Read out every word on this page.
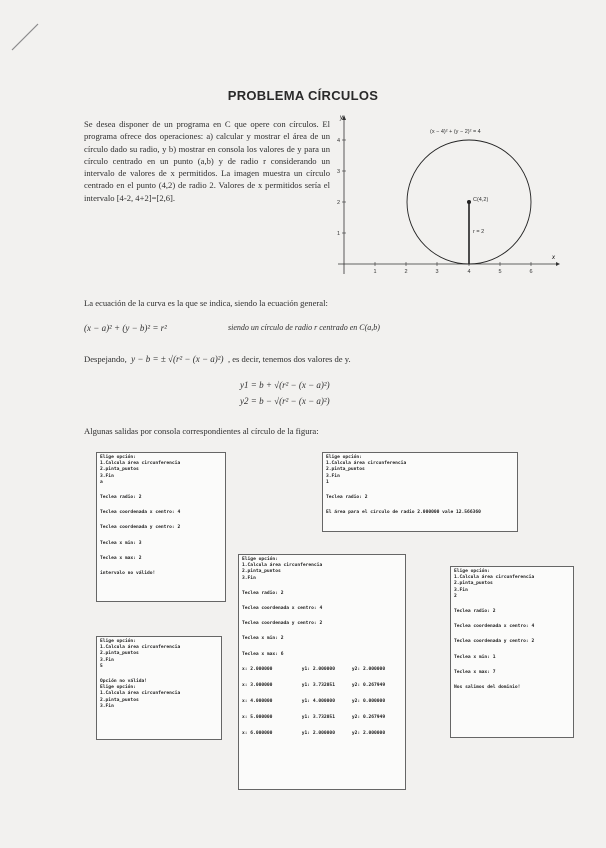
PROBLEMA CÍRCULOS
Se desea disponer de un programa en C que opere con círculos. El programa ofrece dos operaciones: a) calcular y mostrar el área de un círculo dado su radio, y b) mostrar en consola los valores de y para un círculo centrado en un punto (a,b) y de radio r considerando un intervalo de valores de x permitidos. La imagen muestra un círculo centrado en el punto (4,2) de radio 2. Valores de x permitidos sería el intervalo [4-2, 4+2]=[2,6].
x
y
1	2	3	4	5	6
1
2
3
4
C(4,2)
r = 2
(x − 4)² + (y − 2)² = 4
La ecuación de la curva es la que se indica, siendo la ecuación general:
(x − a)² + (y − b)² = r²	siendo un círculo de radio r centrado en C(a,b)
Despejando, y − b = ± √(r² − (x − a)²) , es decir, tenemos dos valores de y.
y1 = b + √(r² − (x − a)²)
y2 = b − √(r² − (x − a)²)
Algunas salidas por consola correspondientes al círculo de la figura:
Elige opción:
1.Calcula área circunferencia
2.pinta_puntos
3.Fin
a
Teclea radio: 2
Teclea coordenada x centro: 4
Teclea coordenada y centro: 2
Teclea x min: 3
Teclea x max: 2
intervalo no válido!
Elige opción:
1.Calcula área circunferencia
2.pinta_puntos
3.Fin
1
Teclea radio: 2
El área para el círculo de radio 2.000000 vale 12.566360
Elige opción:
1.Calcula área circunferencia
2.pinta_puntos
3.Fin
5
Opción no válida!
Elige opción:
1.Calcula área circunferencia
2.pinta_puntos
3.Fin
Elige opción:
1.Calcula área circunferencia
2.pinta_puntos
3.Fin
Teclea radio: 2
Teclea coordenada x centro: 4
Teclea coordenada y centro: 2
Teclea x min: 2
Teclea x max: 6
x: 2.000000	y1: 2.000000	y2: 2.000000
x: 3.000000	y1: 3.732051	y2: 0.267949
x: 4.000000	y1: 4.000000	y2: 0.000000
x: 5.000000	y1: 3.732051	y2: 0.267949
x: 6.000000	y1: 2.000000	y2: 2.000000
Elige opción:
1.Calcula área circunferencia
2.pinta_puntos
3.Fin
2
Teclea radio: 2
Teclea coordenada x centro: 4
Teclea coordenada y centro: 2
Teclea x min: 1
Teclea x max: 7
Nos salimos del dominio!
